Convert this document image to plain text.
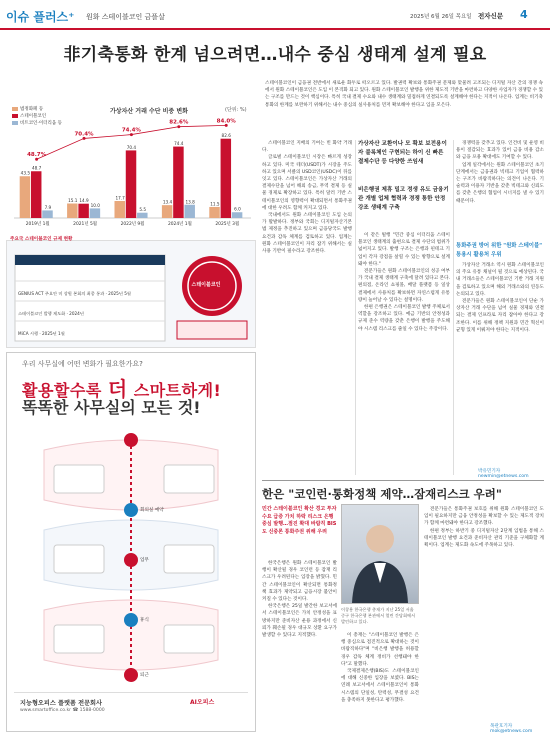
이슈 플러스⁺ 원화 스테이블코인 금플살	2025년 6월 26일 목요일 전자신문 4
非기축통화 한계 넘으려면…내수 중심 생태계 설계 필요
법정화폐 등
스테이블코인
비트코인·이더리움 등
가상자산 거래 수단 비중 변화	(단위: %)
43.5
48.7
7.9
2019년 1월
15.1 14.9
10.0
2021년 5월
17.7
70.4
5.5
2022년 9월
13.4
74.4
13.8
2024년 1월
11.5
82.6
6.0
2025년 3월
48.7%
70.4%
74.4%
82.6%	84.0%
스테이블코인이 금융권 전반에서 새로운 화두로 떠오르고 있다. 발권력 확보와 통화주권 문제와 맞물려 고조되는 디지털 자산 간의 경쟁 속에서 원화 스테이블코인은 도입 이 본격화 되고 있다. 원화 스테이블코인 발행을 위한 제도적 기반을 마련하고 다양한 사업자가 경쟁할 수 있는 구조를 만드는 것이 핵심이다. 특히 국내 결제 수요와 내수 생태계와 밀접하게 연결되도록 설계해야 한다는 지적이 나온다. 업계는 비기축통화의 한계를 보완하기 위해서는 내수 중심의 실사용처를 먼저 확보해야 한다고 입을 모은다.
주요국 스테이블코인 규제 현황
스테이블코인
GENIUS ACT 주요안 미 상원 본회의 최종 통과 · 2025년 5월
스테이블코인 발행 제도화 · 2024년
MiCA 시행 · 2025년 1월

스테이블코인 지배의 기여는 빈 화약 거래다.

글로벌 스테이블코인 시장은 빠르게 성장하고 있다. 미국 테더(USDT)가 시장을 주도하고 있으며 서클의 USD코인(USDC)이 뒤를 잇고 있다. 스테이블코인은 가상자산 거래의 결제수단을 넘어 해외 송금, 무역 결제 등 실물 경제로 확장하고 있다. 특히 달러 기반 스테이블코인의 영향력이 확대되면서 통화주권에 대한 우려도 함께 커지고 있다.

국내에서도 원화 스테이블코인 도입 논의가 활발하다. 정부와 국회는 디지털자산기본법 제정을 추진하고 있으며 금융당국도 발행 요건과 감독 체계를 검토하고 있다. 업계는 원화 스테이블코인이 자리 잡기 위해서는 실사용 기반이 필수라고 강조한다.

가상자산 교환이나 모 확보 보전용이자 블록체인 구현되는 하이 신 빠른 결제수단 등 다양한 쓰임새
비은행권 제휴 밀고 정생 유도 금융기관 개별 업체 협력과 경쟁 통한 안정 강조 생태계 구축

이 같은 빌행 "민간 중심 이더리움 스테이블코인 생태계의 출현으로 결제 수단의 범위가 넓어지고 있다. 발행 구조는 은행과 핀테크 기업이 각자 강점을 살릴 수 있는 방향으로 설계돼야 한다."

전문가들은 원화 스테이블코인의 성공 여부가 국내 결제 생태계 구축에 달려 있다고 본다. 편의점, 온라인 쇼핑몰, 배달 플랫폼 등 일상 결제에서 사용처를 확보하면 자연스럽게 유통량이 늘어날 수 있다는 설명이다.

한편 은행권은 스테이블코인 발행 주체로서 역할을 강조하고 있다. 예금 기반의 안정성과 규제 준수 역량을 갖춘 은행이 발행을 주도해야 시스템 리스크를 줄일 수 있다는 주장이다.

경쟁력을 갖추고 있다. 인건비 및 운영 비용이 절감되는 효과가 있어 금융 비용 감소와 금융 포용 확대에도 기여할 수 있다.

업계 일각에서는 원화 스테이블코인 초기 단계에서는 금융권과 빅테크 기업이 협력하는 구조가 바람직하다는 의견이 나온다. 기술력과 이용자 기반을 갖춘 빅테크와 신뢰도를 갖춘 은행의 협업이 시너지를 낼 수 있기 때문이다.

통화주권 방어 위한 "원화 스테이블" 통용시 활용처 우위

가상자산 거래소 역시 원화 스테이블코인의 주요 유통 채널이 될 것으로 예상된다. 국내 거래소들은 스테이블코인 기반 거래 지원을 검토하고 있으며 해외 거래소와의 연동도 논의되고 있다.

전문가들은 원화 스테이블코인이 단순 가상자산 거래 수단을 넘어 실물 경제와 연결되는 결제 인프라로 자리 잡아야 한다고 강조한다. 이를 위해 정책 지원과 민간 혁신이 균형 있게 이뤄져야 한다는 지적이다.

박유민기자 newmin@etnews.com
우리 사무실에 어떤 변화가 필요한가요?
활용할수록 더 스마트하게!
똑똑한 사무실의 모든 것!
출근
회의실 예약
업무
휴식
퇴근
지능형오피스 플랫폼 전문회사
www.smartoffice.co.kr ☎ 1588-0000
AI오피스
한은 "코인런·통화정책 제약…잠재리스크 우려"
민간 스테이블코인 확산 경고 투자수요 급증 가치 하락 리스크 은행 중심 발행…점진 확대 바람직 BIS도 신중론 통화주권 위해 우려

한국은행은 원화 스테이블코인 발행이 확산될 경우 코인런 등 잠재 리스크가 우려된다는 입장을 밝혔다. 민간 스테이블코인이 확산되면 통화정책 효과가 제약되고 금융시장 불안이 커질 수 있다는 것이다.

한국은행은 25일 발간한 보고서에서 스테이블코인은 가치 안정성을 표방하지만 준비자산 운용 과정에서 신뢰가 훼손될 경우 대규모 상환 요구가 발생할 수 있다고 지적했다.

이창용 한국은행 총재가 지난 25일 서울 중구 한국은행 본관에서 열린 간담회에서 발언하고 있다.

이 총재는 "스테이블코인 발행은 은행 중심으로 점진적으로 확대하는 것이 바람직하다"며 "비은행 발행을 허용할 경우 감독 체계 정비가 선행돼야 한다"고 말했다.

국제결제은행(BIS)도 스테이블코인에 대해 신중한 입장을 보였다. BIS는 연례 보고서에서 스테이블코인이 통화 시스템의 단일성, 탄력성, 무결성 요건을 충족하지 못한다고 평가했다.

전문가들은 통화주권 보호를 위해 원화 스테이블코인 도입이 필요하지만 금융 안정성을 확보할 수 있는 제도적 장치가 함께 마련돼야 한다고 강조했다.

한편 정부는 하반기 중 디지털자산 2단계 입법을 통해 스테이블코인 발행 요건과 준비자산 관리 기준을 구체화할 계획이다. 업계는 제도화 속도에 주목하고 있다.

목관호기자 mok@etnews.com
